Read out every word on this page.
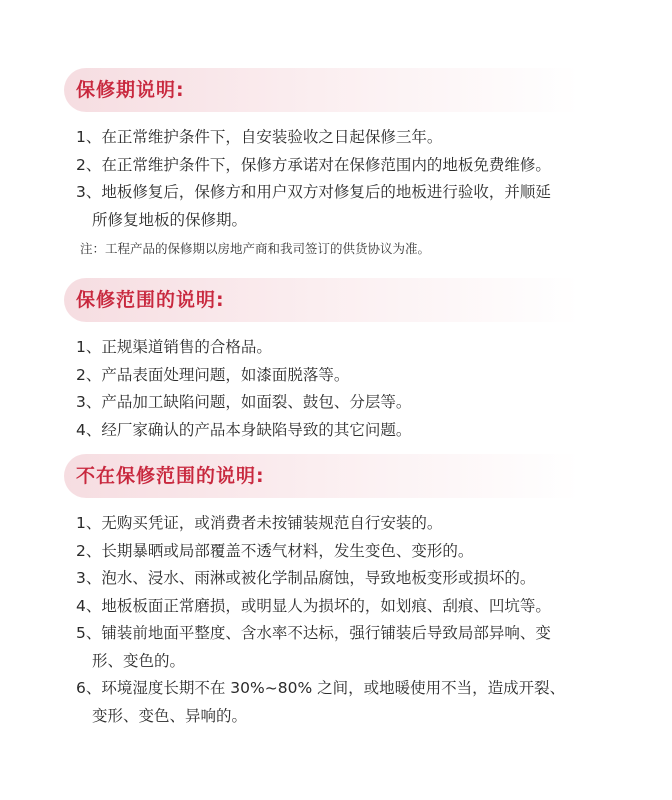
保修期说明:
1、在正常维护条件下，自安装验收之日起保修三年。
2、在正常维护条件下，保修方承诺对在保修范围内的地板免费维修。
3、地板修复后，保修方和用户双方对修复后的地板进行验收，并顺延
所修复地板的保修期。
注：工程产品的保修期以房地产商和我司签订的供货协议为准。
保修范围的说明:
1、正规渠道销售的合格品。
2、产品表面处理问题，如漆面脱落等。
3、产品加工缺陷问题，如面裂、鼓包、分层等。
4、经厂家确认的产品本身缺陷导致的其它问题。
不在保修范围的说明:
1、无购买凭证，或消费者未按铺装规范自行安装的。
2、长期暴晒或局部覆盖不透气材料，发生变色、变形的。
3、泡水、浸水、雨淋或被化学制品腐蚀，导致地板变形或损坏的。
4、地板板面正常磨损，或明显人为损坏的，如划痕、刮痕、凹坑等。
5、铺装前地面平整度、含水率不达标，强行铺装后导致局部异响、变
形、变色的。
6、环境湿度长期不在 30%~80% 之间，或地暖使用不当，造成开裂、
变形、变色、异响的。
